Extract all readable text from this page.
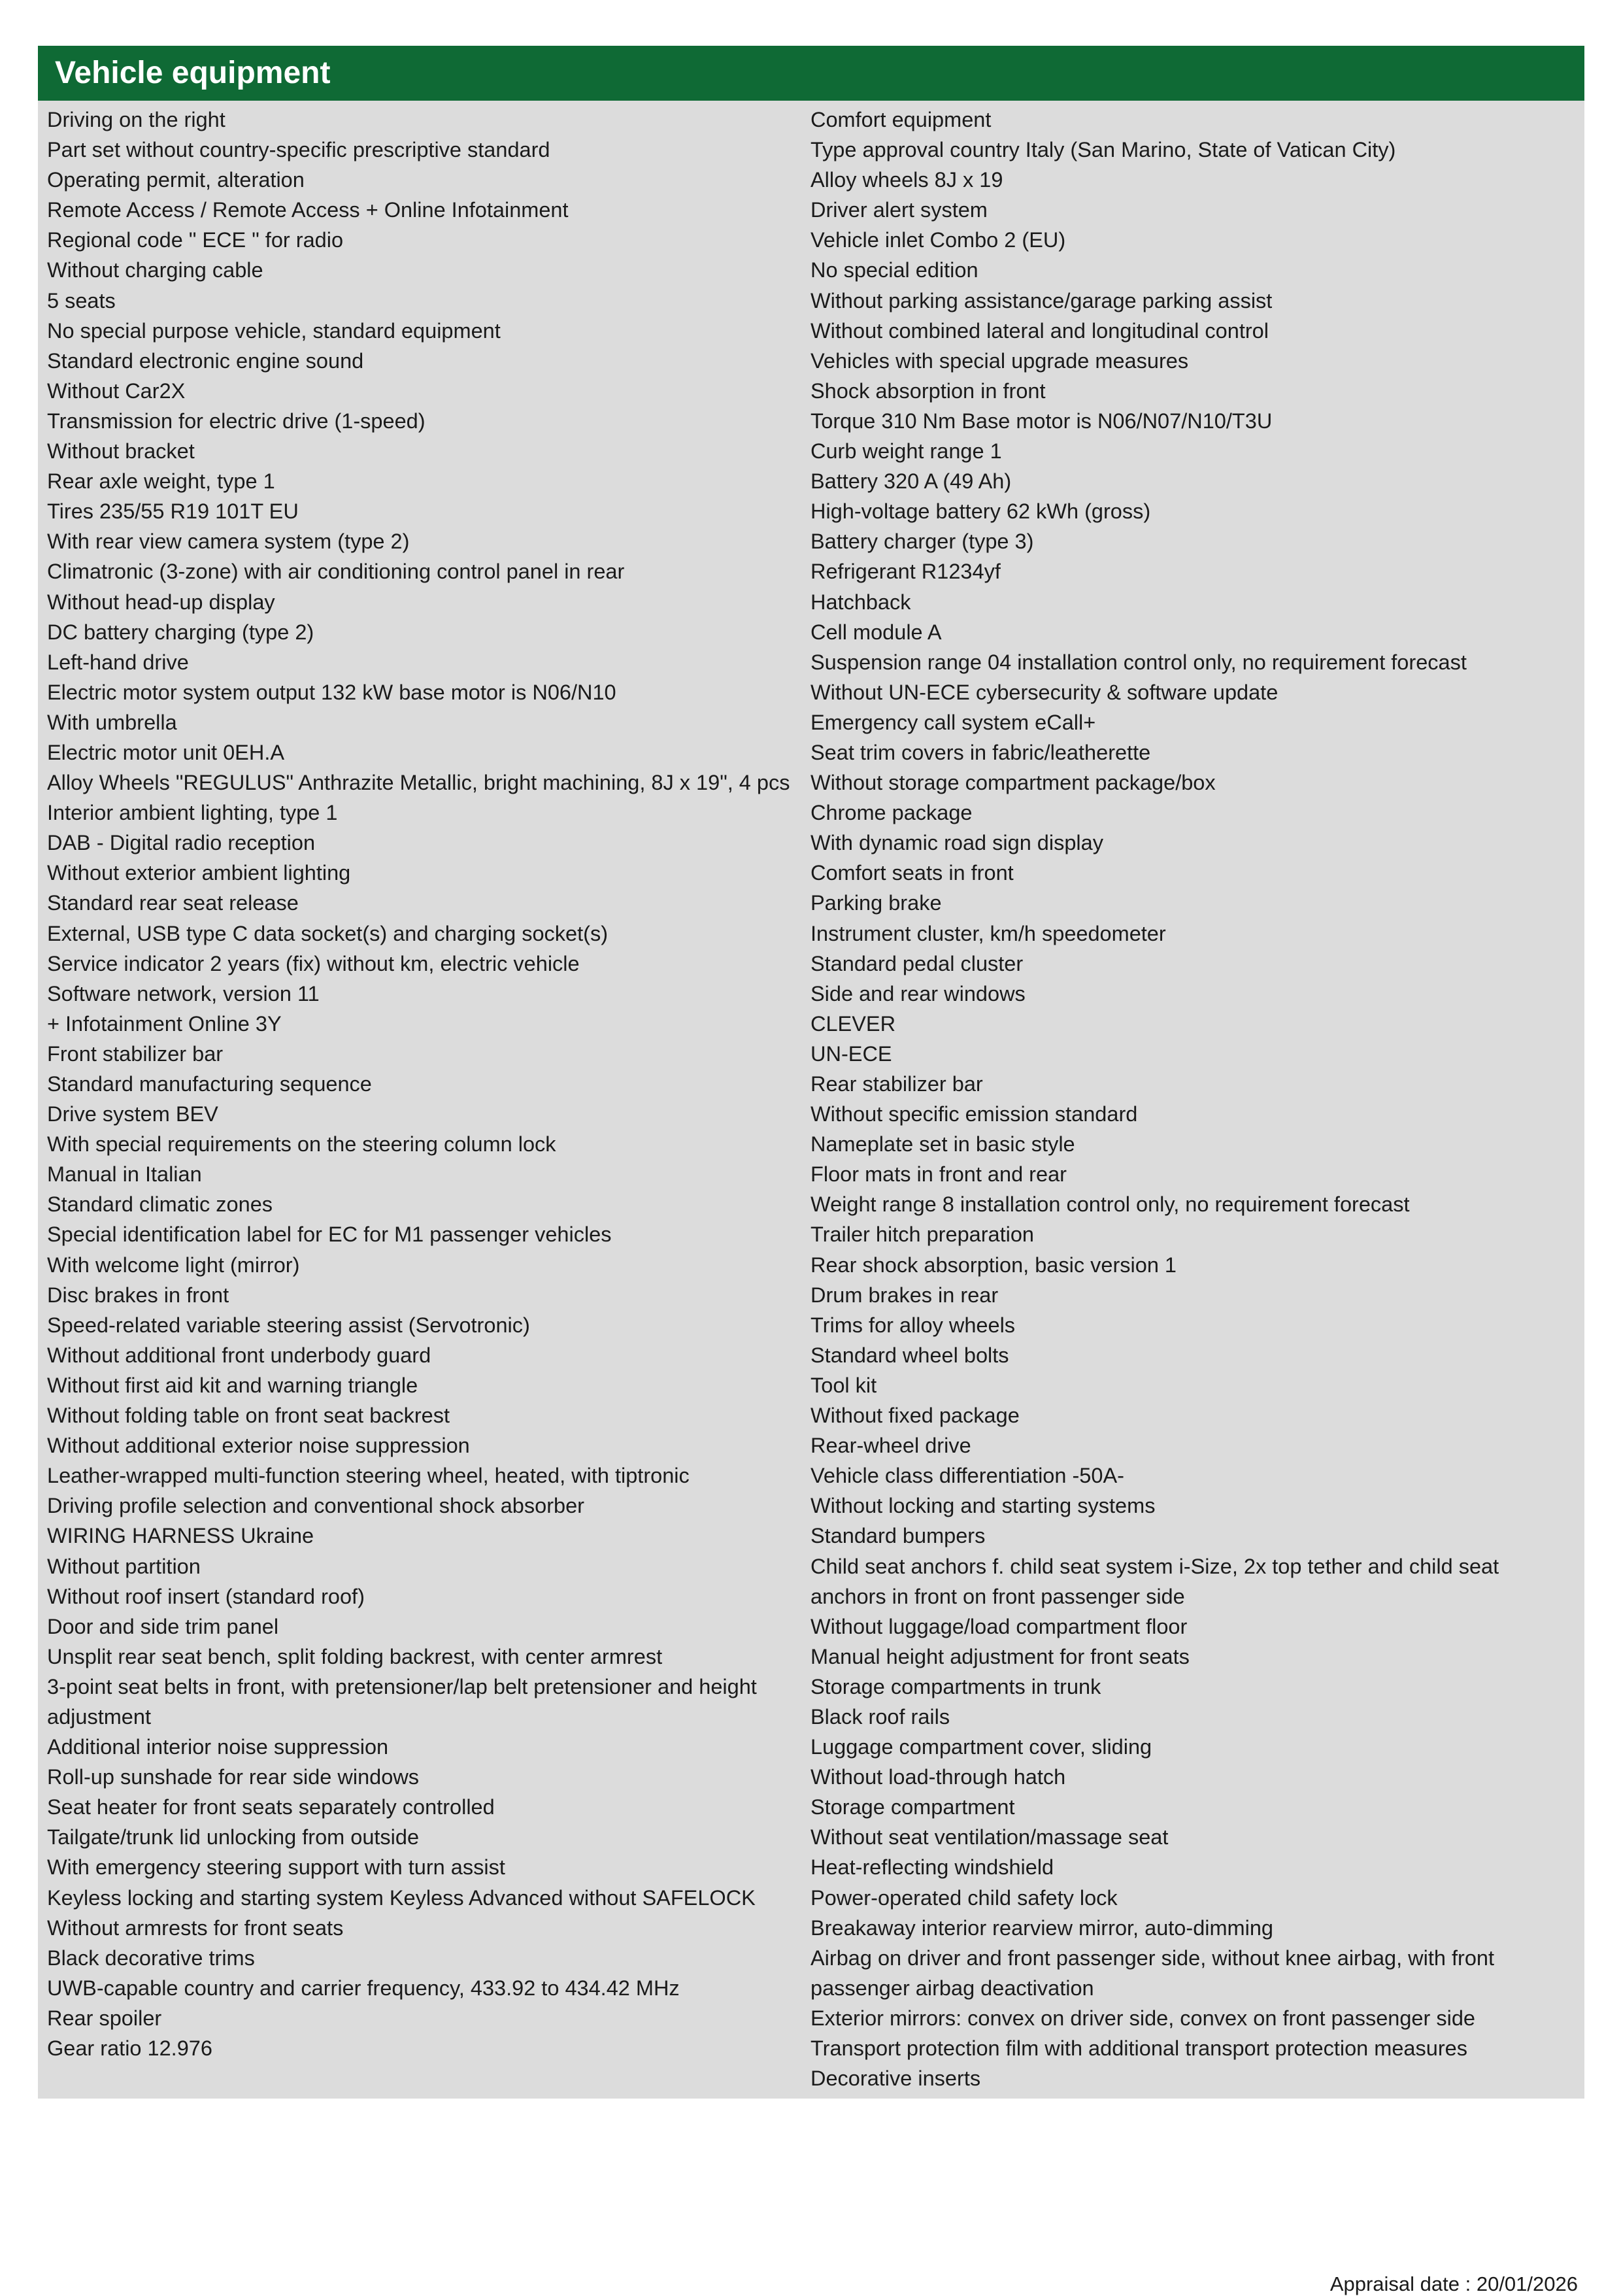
Vehicle equipment
Driving on the right
Part set without country-specific prescriptive standard
Operating permit, alteration
Remote Access / Remote Access + Online Infotainment
Regional code " ECE " for radio
Without charging cable
5 seats
No special purpose vehicle, standard equipment
Standard electronic engine sound
Without Car2X
Transmission for electric drive (1-speed)
Without bracket
Rear axle weight, type 1
Tires 235/55 R19 101T EU
With rear view camera system (type 2)
Climatronic (3-zone) with air conditioning control panel in rear
Without head-up display
DC battery charging (type 2)
Left-hand drive
Electric motor system output 132 kW base motor is N06/N10
With umbrella
Electric motor unit 0EH.A
Alloy Wheels "REGULUS" Anthrazite Metallic, bright machining, 8J x 19", 4 pcs
Interior ambient lighting, type 1
DAB - Digital radio reception
Without exterior ambient lighting
Standard rear seat release
External, USB type C data socket(s) and charging socket(s)
Service indicator 2 years (fix) without km, electric vehicle
Software network, version 11
+ Infotainment Online 3Y
Front stabilizer bar
Standard manufacturing sequence
Drive system BEV
With special requirements on the steering column lock
Manual in Italian
Standard climatic zones
Special identification label for EC for M1 passenger vehicles
With welcome light (mirror)
Disc brakes in front
Speed-related variable steering assist (Servotronic)
Without additional front underbody guard
Without first aid kit and warning triangle
Without folding table on front seat backrest
Without additional exterior noise suppression
Leather-wrapped multi-function steering wheel, heated, with tiptronic
Driving profile selection and conventional shock absorber
WIRING HARNESS Ukraine
Without partition
Without roof insert (standard roof)
Door and side trim panel
Unsplit rear seat bench, split folding backrest, with center armrest
3-point seat belts in front, with pretensioner/lap belt pretensioner and height adjustment
Additional interior noise suppression
Roll-up sunshade for rear side windows
Seat heater for front seats separately controlled
Tailgate/trunk lid unlocking from outside
With emergency steering support with turn assist
Keyless locking and starting system Keyless Advanced without SAFELOCK
Without armrests for front seats
Black decorative trims
UWB-capable country and carrier frequency, 433.92 to 434.42 MHz
Rear spoiler
Gear ratio 12.976
Comfort equipment
Type approval country Italy (San Marino, State of Vatican City)
Alloy wheels 8J x 19
Driver alert system
Vehicle inlet Combo 2 (EU)
No special edition
Without parking assistance/garage parking assist
Without combined lateral and longitudinal control
Vehicles with special upgrade measures
Shock absorption in front
Torque 310 Nm Base motor is N06/N07/N10/T3U
Curb weight range 1
Battery 320 A (49 Ah)
High-voltage battery 62 kWh (gross)
Battery charger (type 3)
Refrigerant R1234yf
Hatchback
Cell module A
Suspension range 04 installation control only, no requirement forecast
Without UN-ECE cybersecurity & software update
Emergency call system eCall+
Seat trim covers in fabric/leatherette
Without storage compartment package/box
Chrome package
With dynamic road sign display
Comfort seats in front
Parking brake
Instrument cluster, km/h speedometer
Standard pedal cluster
Side and rear windows
CLEVER
UN-ECE
Rear stabilizer bar
Without specific emission standard
Nameplate set in basic style
Floor mats in front and rear
Weight range 8 installation control only, no requirement forecast
Trailer hitch preparation
Rear shock absorption, basic version 1
Drum brakes in rear
Trims for alloy wheels
Standard wheel bolts
Tool kit
Without fixed package
Rear-wheel drive
Vehicle class differentiation -50A-
Without locking and starting systems
Standard bumpers
Child seat anchors f. child seat system i-Size, 2x top tether and child seat anchors in front on front passenger side
Without luggage/load compartment floor
Manual height adjustment for front seats
Storage compartments in trunk
Black roof rails
Luggage compartment cover, sliding
Without load-through hatch
Storage compartment
Without seat ventilation/massage seat
Heat-reflecting windshield
Power-operated child safety lock
Breakaway interior rearview mirror, auto-dimming
Airbag on driver and front passenger side, without knee airbag, with front passenger airbag deactivation
Exterior mirrors: convex on driver side, convex on front passenger side
Transport protection film with additional transport protection measures
Decorative inserts
Appraisal date : 20/01/2026
